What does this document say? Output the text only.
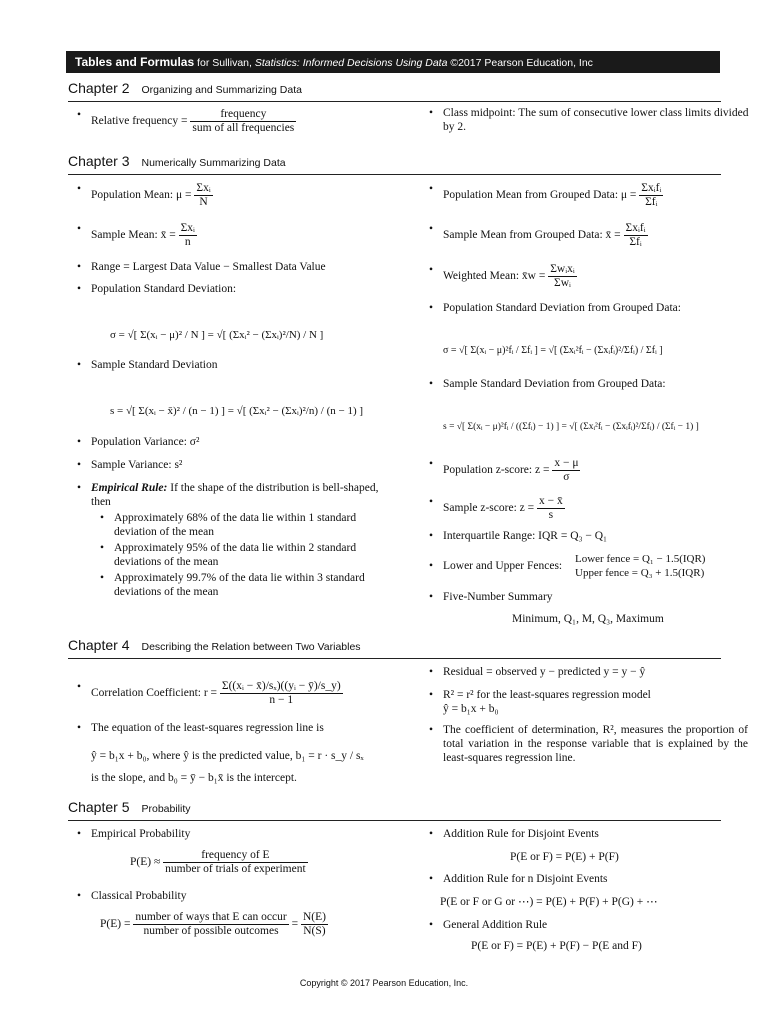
Tables and Formulas for Sullivan, Statistics: Informed Decisions Using Data ©2017 Pearson Education, Inc
Chapter 2 Organizing and Summarizing Data
• Relative frequency = $\frac{\text{frequency}}{\text{sum of all frequencies}}$
•	Class midpoint: The sum of consecutive lower class limits divided by 2.
Chapter 3 Numerically Summarizing Data
• Population Mean: $\mu = \frac{\text{Σxᵢ}}{N}$
• Sample Mean: x̄ = $\frac{\text{Σxᵢ}}{n}$
• Range = Largest Data Value − Smallest Data Value
• Population Standard Deviation:
σ = √[ Σ(xᵢ − μ)² / N ] = √[ (Σxᵢ² − (Σxᵢ)²/N) / N ]
• Sample Standard Deviation
s = √[ Σ(xᵢ − x̄)² / (n − 1) ] = √[ (Σxᵢ² − (Σxᵢ)²/n) / (n − 1) ]
• Population Variance: σ²
• Sample Variance: s²
• Empirical Rule: If the shape of the distribution is bell-shaped, then
• Approximately 68% of the data lie within 1 standard deviation of the mean
• Approximately 95% of the data lie within 2 standard deviations of the mean
• Approximately 99.7% of the data lie within 3 standard deviations of the mean
• Population Mean from Grouped Data: $\mu = \frac{\text{Σxᵢfᵢ}}{\text{Σfᵢ}}$
• Sample Mean from Grouped Data: x̄ = $\frac{\text{Σxᵢfᵢ}}{\text{Σfᵢ}}$
• Weighted Mean: x̄w = $\frac{\text{Σwᵢxᵢ}}{\text{Σwᵢ}}$
• Population Standard Deviation from Grouped Data:
σ = √[ Σ(xᵢ − μ)²fᵢ / Σfᵢ ] = √[ (Σxᵢ²fᵢ − (Σxᵢfᵢ)²/Σfᵢ) / Σfᵢ ]
• Sample Standard Deviation from Grouped Data:
s = √[ Σ(xᵢ − μ)²fᵢ / ((Σfᵢ) − 1) ] = √[ (Σxᵢ²fᵢ − (Σxᵢfᵢ)²/Σfᵢ) / (Σfᵢ − 1) ]
• Population z-score: $z = \frac{x - \mu}{\sigma}$
• Sample z-score: $z = \frac{x - x̄}{s}$
• Interquartile Range: IQR = Q₃ − Q₁
• Lower and Upper Fences:
Lower fence = Q₁ − 1.5(IQR)
Upper fence = Q₃ + 1.5(IQR)
• Five-Number Summary
Minimum, Q₁, M, Q₃, Maximum
Chapter 4 Describing the Relation between Two Variables
• Correlation Coefficient: $r = \frac{\text{Σ((xᵢ − x̄)/sₓ)((yᵢ − ȳ)/s\_y)}}{n - 1}$
• The equation of the least-squares regression line is
ŷ = b₁x + b₀, where ŷ is the predicted value, b₁ = r · s_y / sₓ
is the slope, and b₀ = ȳ − b₁x̄ is the intercept.
• Residual = observed y − predicted y = y − ŷ
• R² = r² for the least-squares regression model
ŷ = b₁x + b₀
• The coefficient of determination, R², measures the proportion of total variation in the response variable that is explained by the least-squares regression line.
Chapter 5 Probability
• Empirical Probability
$P(E) \approx \frac{\text{frequency of E}}{\text{number of trials of experiment}}$
• Classical Probability
$P(E) = \frac{\text{number of ways that E can occur}}{\text{number of possible outcomes}} = \frac{N(E)}{N(S)}$
• Addition Rule for Disjoint Events
P(E or F) = P(E) + P(F)
• Addition Rule for n Disjoint Events
P(E or F or G or ⋯) = P(E) + P(F) + P(G) + ⋯
• General Addition Rule
P(E or F) = P(E) + P(F) − P(E and F)
Copyright © 2017 Pearson Education, Inc.
